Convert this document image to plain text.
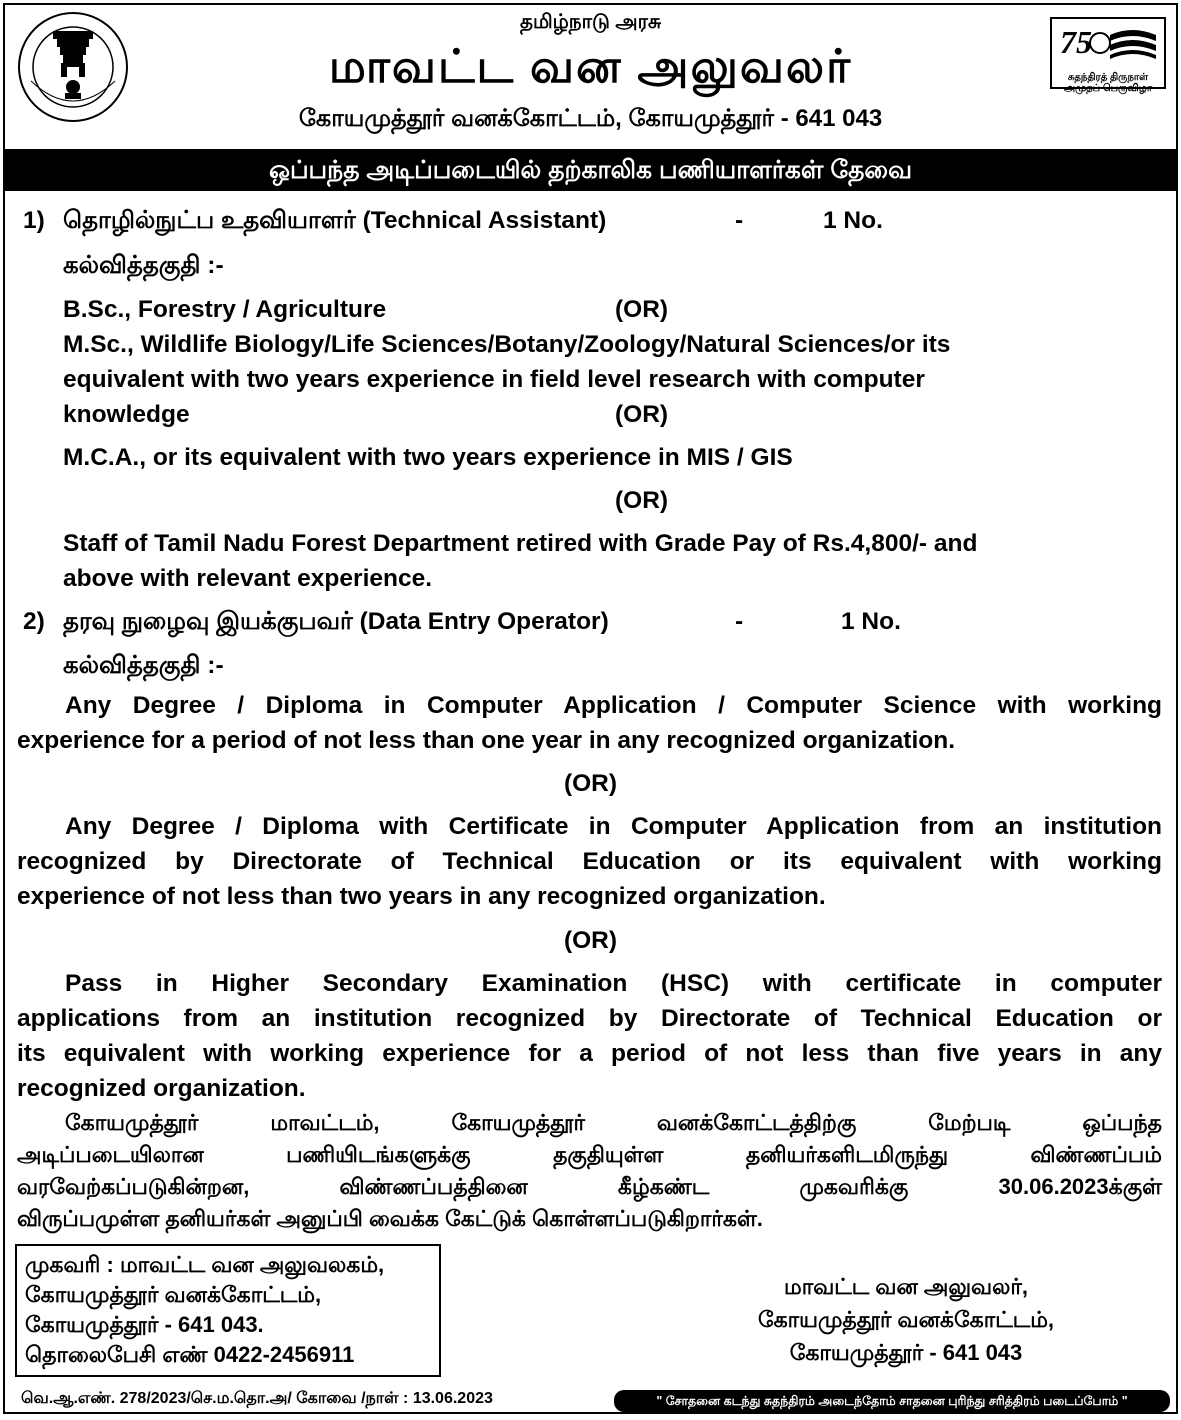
தமிழ்நாடு அரசு
மாவட்ட வன அலுவலர்
கோயமுத்தூர் வனக்கோட்டம், கோயமுத்தூர் - 641 043
75
சுதந்திரத் திருநாள் அமுதப் பெருவிழா
ஒப்பந்த அடிப்படையில் தற்காலிக பணியாளர்கள் தேவை
1) தொழில்நுட்ப உதவியாளர் (Technical Assistant)	-	1 No.
கல்வித்தகுதி :-
B.Sc., Forestry / Agriculture	(OR)
M.Sc., Wildlife Biology/Life Sciences/Botany/Zoology/Natural Sciences/or its
equivalent with two years experience in field level research with computer
knowledge	(OR)
M.C.A., or its equivalent with two years experience in MIS / GIS
(OR)
Staff of Tamil Nadu Forest Department retired with Grade Pay of Rs.4,800/- and
above with relevant experience.
2) தரவு நுழைவு இயக்குபவர் (Data Entry Operator)	-	1 No.
கல்வித்தகுதி :-
Any Degree / Diploma in Computer Application / Computer Science with working
experience for a period of not less than one year in any recognized organization.
(OR)
Any Degree / Diploma with Certificate in Computer Application from an institution
recognized by Directorate of Technical Education or its equivalent with working
experience of not less than two years in any recognized organization.
(OR)
Pass in Higher Secondary Examination (HSC) with certificate in computer
applications from an institution recognized by Directorate of Technical Education or
its equivalent with working experience for a period of not less than five years in any
recognized organization.
கோயமுத்தூர் மாவட்டம், கோயமுத்தூர் வனக்கோட்டத்திற்கு மேற்படி ஒப்பந்த
அடிப்படையிலான பணியிடங்களுக்கு தகுதியுள்ள தனியர்களிடமிருந்து விண்ணப்பம்
வரவேற்கப்படுகின்றன, விண்ணப்பத்தினை கீழ்கண்ட முகவரிக்கு 30.06.2023க்குள்
விருப்பமுள்ள தனியர்கள் அனுப்பி வைக்க கேட்டுக் கொள்ளப்படுகிறார்கள்.
முகவரி : மாவட்ட வன அலுவலகம்,
கோயமுத்தூர் வனக்கோட்டம்,
கோயமுத்தூர் - 641 043.
தொலைபேசி எண் 0422-2456911
மாவட்ட வன அலுவலர்,
கோயமுத்தூர் வனக்கோட்டம்,
கோயமுத்தூர் - 641 043
வெ.ஆ.எண். 278/2023/செ.ம.தொ.அ/ கோவை /நாள் : 13.06.2023	" சோதனை கடந்து சுதந்திரம் அடைந்தோம் சாதனை புரிந்து சரித்திரம் படைப்போம் "
